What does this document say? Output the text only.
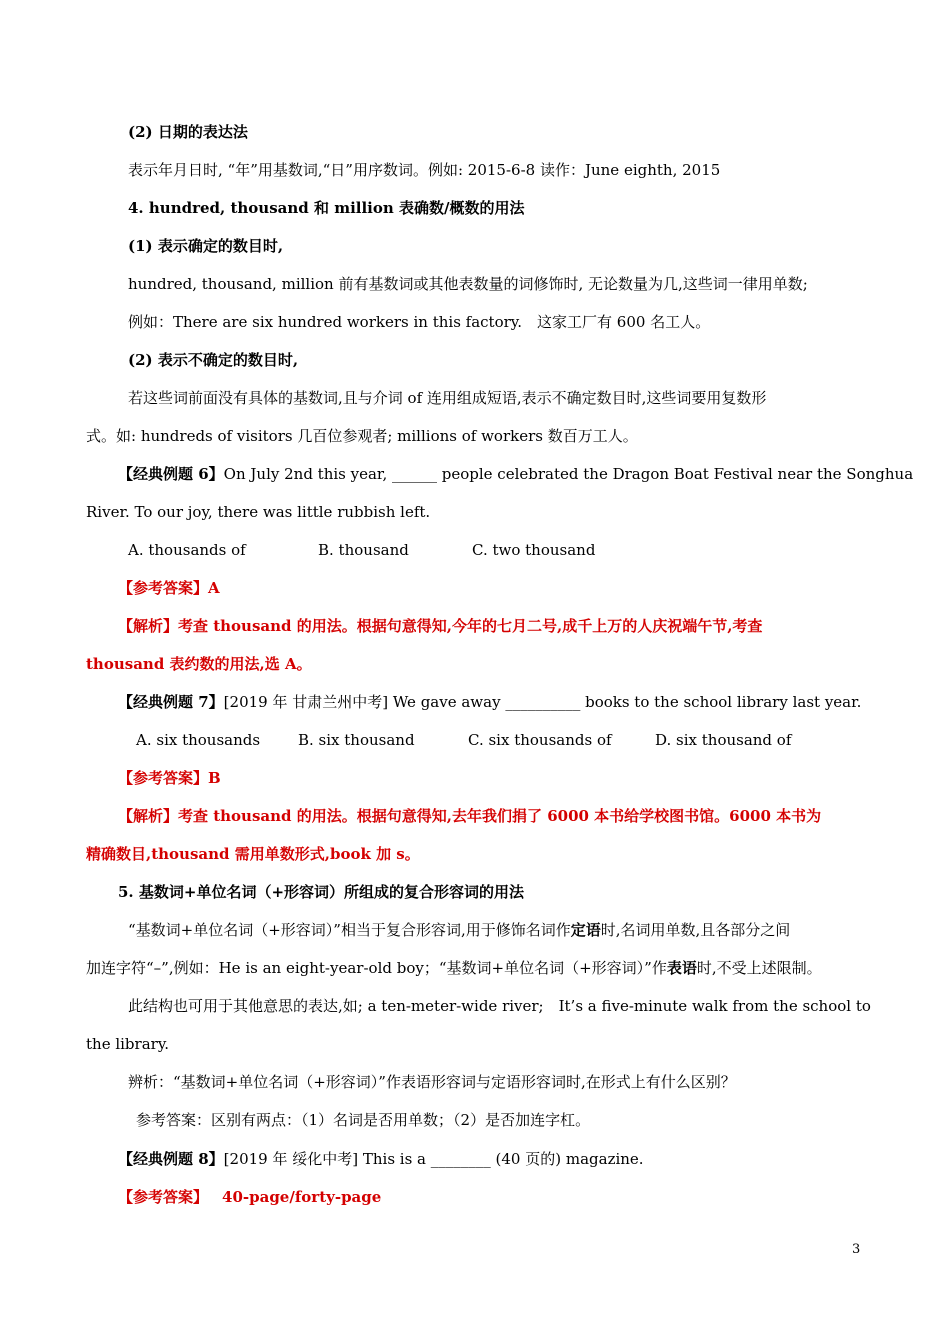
(2) 日期的表达法
表示年月日时, “年”用基数词,“日”用序数词。例如: 2015-6-8 读作：June eighth, 2015
4. hundred, thousand 和 million 表确数/概数的用法
(1) 表示确定的数目时,
hundred, thousand, million 前有基数词或其他表数量的词修饰时, 无论数量为几,这些词一律用单数;
例如：There are six hundred workers in this factory.　这家工厂有 600 名工人。
(2) 表示不确定的数目时,
若这些词前面没有具体的基数词,且与介词 of 连用组成短语,表示不确定数目时,这些词要用复数形
式。如: hundreds of visitors 几百位参观者; millions of workers 数百万工人。
【经典例题 6】On July 2nd this year, ______ people celebrated the Dragon Boat Festival near the Songhua
River. To our joy, there was little rubbish left.
A. thousands of	B. thousand	C. two thousand
【参考答案】A
【解析】考查 thousand 的用法。根据句意得知,今年的七月二号,成千上万的人庆祝端午节,考查
thousand 表约数的用法,选 A。
【经典例题 7】[2019 年 甘肃兰州中考] We gave away __________ books to the school library last year.
A. six thousands	B. six thousand	C. six thousands of	D. six thousand of
【参考答案】B
【解析】考查 thousand 的用法。根据句意得知,去年我们捐了 6000 本书给学校图书馆。6000 本书为
精确数目,thousand 需用单数形式,book 加 s。
5. 基数词+单位名词（+形容词）所组成的复合形容词的用法
“基数词+单位名词（+形容词）”相当于复合形容词,用于修饰名词作定语时,名词用单数,且各部分之间
加连字符“–”,例如：He is an eight-year-old boy；“基数词+单位名词（+形容词）”作表语时,不受上述限制。
此结构也可用于其他意思的表达,如; a ten-meter-wide river;　It’s a five-minute walk from the school to
the library.
辨析：“基数词+单位名词（+形容词）”作表语形容词与定语形容词时,在形式上有什么区别？
参考答案：区别有两点：（1）名词是否用单数；（2）是否加连字杠。
【经典例题 8】[2019 年 绥化中考] This is a ________ (40 页的) magazine.
【参考答案】 40-page/forty-page
3
